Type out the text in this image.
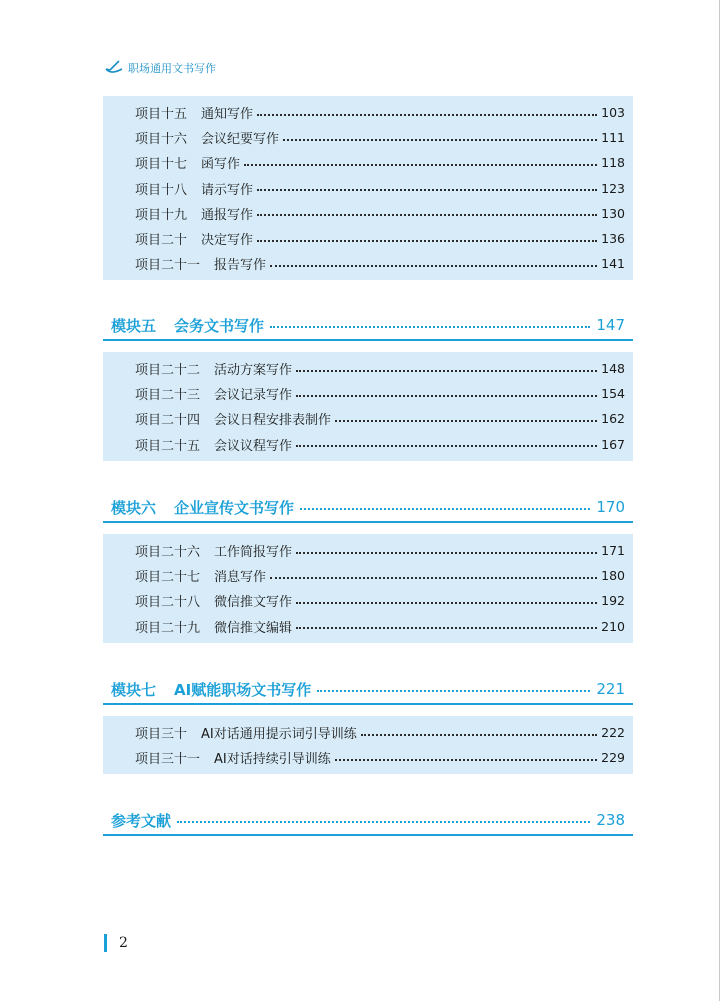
职场通用文书写作
项目十五 通知写作	103
项目十六 会议纪要写作	111
项目十七 函写作	118
项目十八 请示写作	123
项目十九 通报写作	130
项目二十 决定写作	136
项目二十一 报告写作	141
模块五 会务文书写作	147
项目二十二 活动方案写作	148
项目二十三 会议记录写作	154
项目二十四 会议日程安排表制作	162
项目二十五 会议议程写作	167
模块六 企业宣传文书写作	170
项目二十六 工作简报写作	171
项目二十七 消息写作	180
项目二十八 微信推文写作	192
项目二十九 微信推文编辑	210
模块七 AI赋能职场文书写作	221
项目三十 AI对话通用提示词引导训练	222
项目三十一 AI对话持续引导训练	229
参考文献	238
2
